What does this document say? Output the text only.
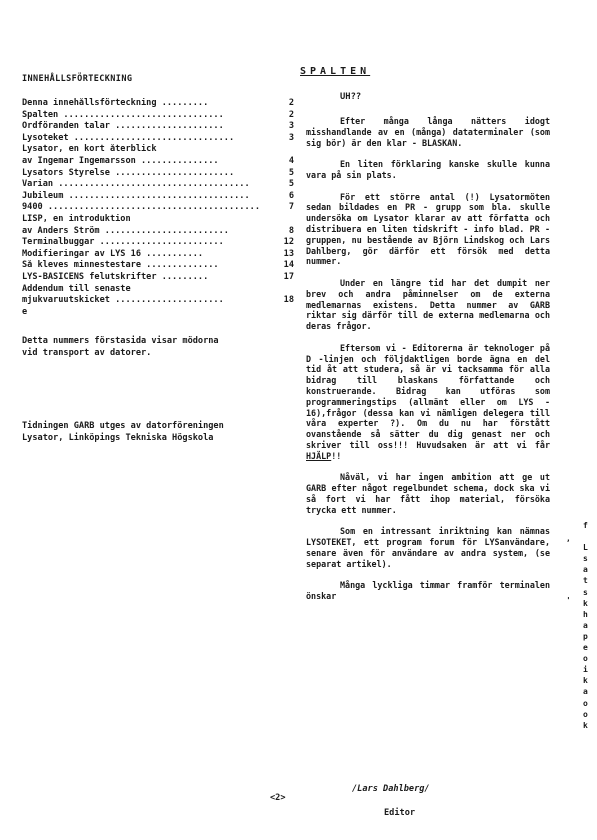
INNEHÅLLSFÖRTECKNING
Denna innehållsförteckning .........	2
Spalten ...............................	2
Ordföranden talar .....................	3
Lysoteket ...............................	3
Lysator, en kort återblick
av Ingemar Ingemarsson ...............	4
Lysators Styrelse .......................	5
Varian .....................................	5
Jubileum ...................................	6
9400 .........................................	7
LISP, en introduktion
av Anders Ström ........................	8
Terminalbuggar ........................	12
Modifieringar av LYS 16 ...........	13
Så kleves minnestestare ..............	14
LYS-BASICENS felutskrifter .........	17
Addendum till senaste
mjukvaruutskicket .....................	18
e
Detta nummers förstasida visar mödorna
vid transport av datorer.
Tidningen GARB utges av datorföreningen
Lysator, Linköpings Tekniska Högskola
SPALTEN
UH??

Efter många långa nätters idogt misshandlande av en (många) dataterminaler (som sig bör) är den klar - BLASKAN.

En liten förklaring kanske skulle kunna vara på sin plats.

För ett större antal (!) Lysatormöten sedan bildades en PR - grupp som bla. skulle undersöka om Lysator klarar av att författa och distribuera en liten tidskrift - info blad. PR - gruppen, nu bestående av Björn Lindskog och Lars Dahlberg, gör därför ett försök med detta nummer.

Under en längre tid har det dumpit ner brev och andra påminnelser om de externa medlemarnas existens. Detta nummer av GARB riktar sig därför till de externa medlemarna och deras frågor.

Eftersom vi - Editorerna är teknologer på D -linjen och följdaktligen borde ägna en del tid åt att studera, så är vi tacksamma för alla bidrag till blaskans författande och konstruerande. Bidrag kan utföras som programmeringstips (allmänt eller om LYS - 16),frågor (dessa kan vi nämligen delegera till våra experter ?). Om du nu har förstått ovanstående så sätter du dig genast ner och skriver till oss!!! Huvudsaken är att vi får HJÄLP!!

Nåväl, vi har ingen ambition att ge ut GARB efter något regelbundet schema, dock ska vi så fort vi har fått ihop material, försöka trycka ett nummer.

Som en intressant inriktning kan nämnas LYSOTEKET, ett program forum för LYSanvändare, senare även för användare av andra system, (se separat artikel).

Många lyckliga timmar framför terminalen önskar

<2>
/Lars Dahlberg/
Editor
f

L
s
a
t
s
k
h
a
p
e
o
i
k
a
o
o
k
,
'
